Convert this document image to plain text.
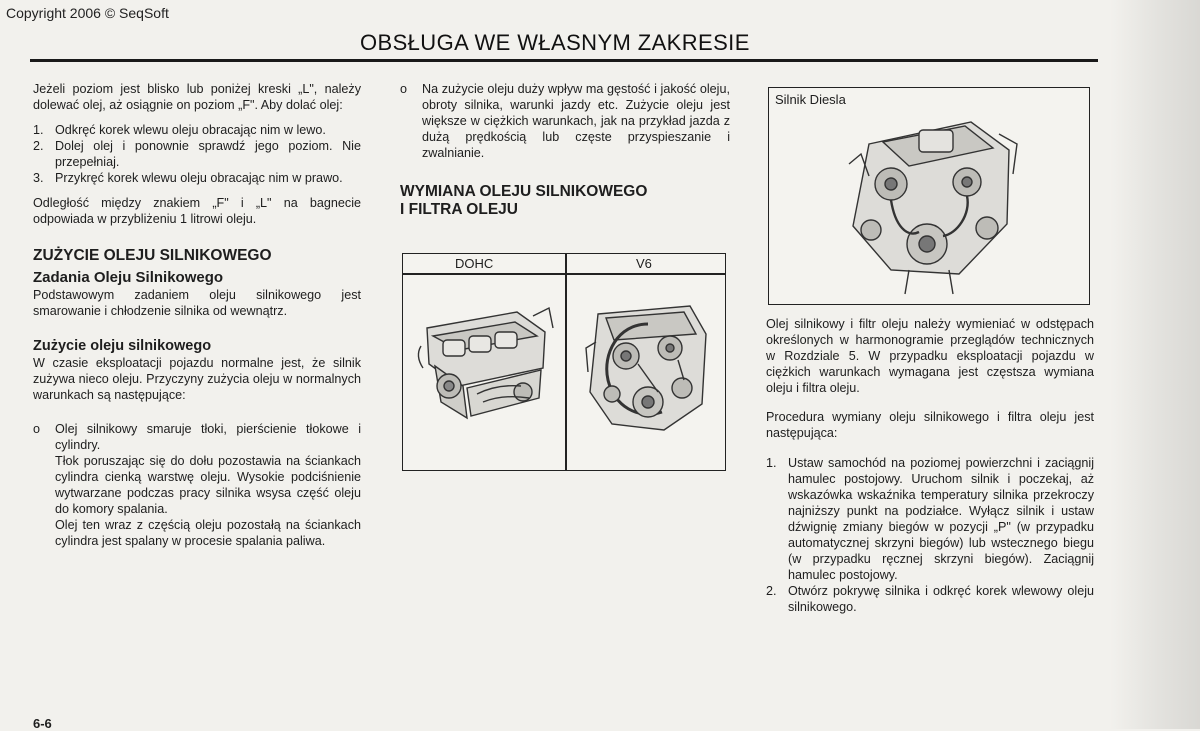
Copyright 2006 © SeqSoft
OBSŁUGA WE WŁASNYM ZAKRESIE

Jeżeli poziom jest blisko lub poniżej kreski „L", należy dolewać olej, aż osiągnie on poziom „F". Aby dolać olej:

1. Odkręć korek wlewu oleju obracając nim w lewo.
2. Dolej olej i ponownie sprawdź jego poziom. Nie przepełniaj.
3. Przykręć korek wlewu oleju obracając nim w prawo.

Odległość między znakiem „F" i „L" na bagnecie odpowiada w przybliżeniu 1 litrowi oleju.

ZUŻYCIE OLEJU SILNIKOWEGO
Zadania Oleju Silnikowego

Podstawowym zadaniem oleju silnikowego jest smarowanie i chłodzenie silnika od wewnątrz.

Zużycie oleju silnikowego

W czasie eksploatacji pojazdu normalne jest, że silnik zużywa nieco oleju. Przyczyny zużycia oleju w normalnych warunkach są następujące:

o	Olej silnikowy smaruje tłoki, pierścienie tłokowe i cylindry.

Tłok poruszając się do dołu pozostawia na ściankach cylindra cienką warstwę oleju. Wysokie podciśnienie wytwarzane podczas pracy silnika wsysa część oleju do komory spalania.

Olej ten wraz z częścią oleju pozostałą na ściankach cylindra jest spalany w procesie spalania paliwa.

o	Na zużycie oleju duży wpływ ma gęstość i jakość oleju, obroty silnika, warunki jazdy etc. Zużycie oleju jest większe w ciężkich warunkach, jak na przykład jazda z dużą prędkością lub częste przyspieszanie i zwalnianie.
WYMIANA OLEJU SILNIKOWEGO
I FILTRA OLEJU
DOHC	V6
Silnik Diesla

Olej silnikowy i filtr oleju należy wymieniać w odstępach określonych w harmonogramie przeglądów technicznych w Rozdziale 5. W przypadku eksploatacji pojazdu w ciężkich warunkach wymagana jest częstsza wymiana oleju i filtra oleju.

Procedura wymiany oleju silnikowego i filtra oleju jest następująca:

1. Ustaw samochód na poziomej powierzchni i zaciągnij hamulec postojowy. Uruchom silnik i poczekaj, aż wskazówka wskaźnika temperatury silnika przekroczy najniższy punkt na podziałce. Wyłącz silnik i ustaw dźwignię zmiany biegów w pozycji „P" (w przypadku automatycznej skrzyni biegów) lub wstecznego biegu (w przypadku ręcznej skrzyni biegów). Zaciągnij hamulec postojowy.
2. Otwórz pokrywę silnika i odkręć korek wlewowy oleju silnikowego.
6-6
